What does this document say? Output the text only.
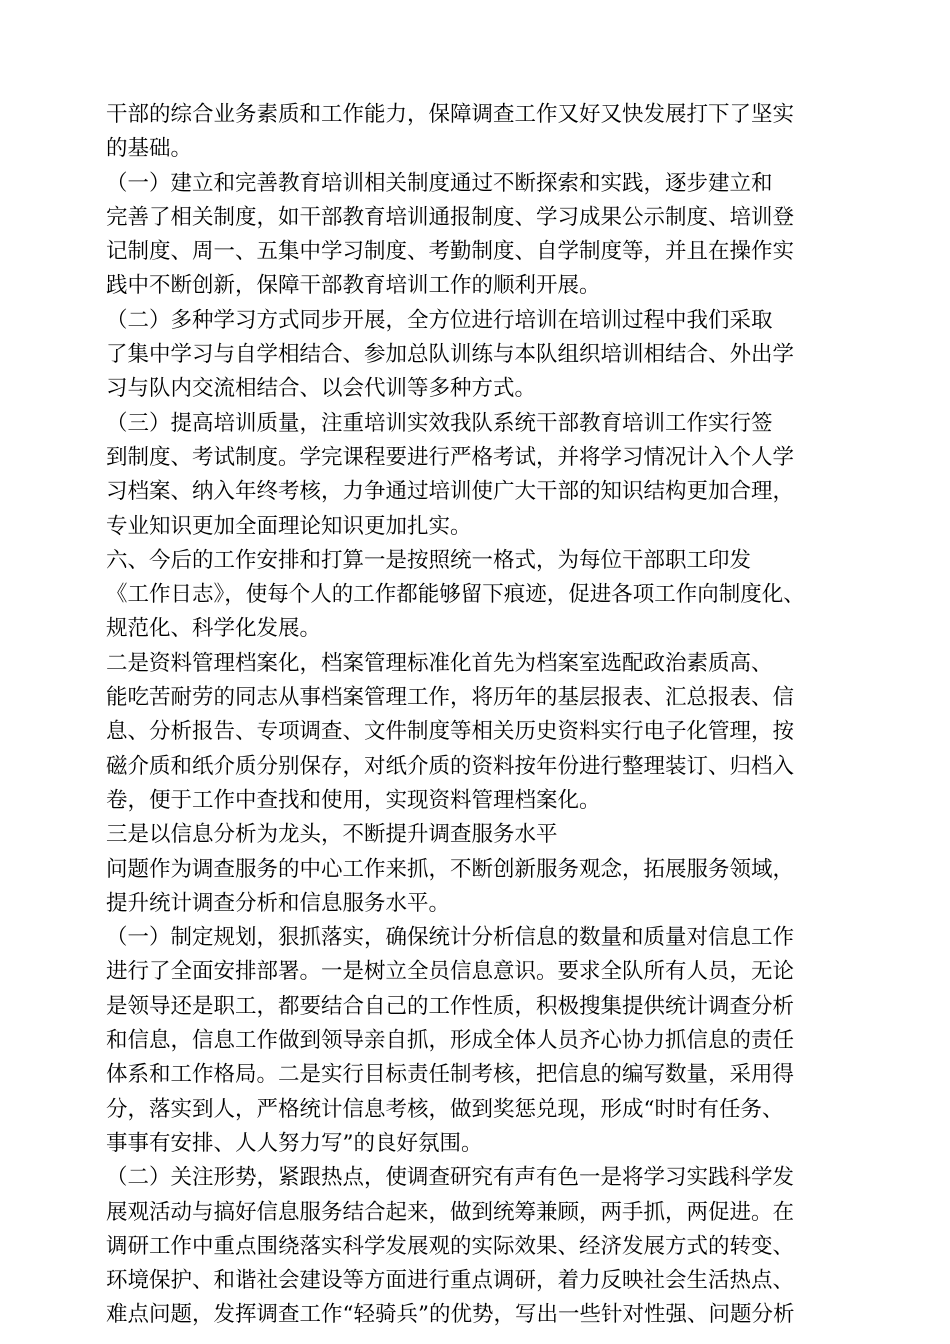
干部的综合业务素质和工作能力，保障调查工作又好又快发展打下了坚实
的基础。
（一）建立和完善教育培训相关制度通过不断探索和实践，逐步建立和
完善了相关制度，如干部教育培训通报制度、学习成果公示制度、培训登
记制度、周一、五集中学习制度、考勤制度、自学制度等，并且在操作实
践中不断创新，保障干部教育培训工作的顺利开展。
（二）多种学习方式同步开展，全方位进行培训在培训过程中我们采取
了集中学习与自学相结合、参加总队训练与本队组织培训相结合、外出学
习与队内交流相结合、以会代训等多种方式。
（三）提高培训质量，注重培训实效我队系统干部教育培训工作实行签
到制度、考试制度。学完课程要进行严格考试，并将学习情况计入个人学
习档案、纳入年终考核，力争通过培训使广大干部的知识结构更加合理，
专业知识更加全面理论知识更加扎实。
六、今后的工作安排和打算一是按照统一格式，为每位干部职工印发
《工作日志》，使每个人的工作都能够留下痕迹，促进各项工作向制度化、
规范化、科学化发展。
二是资料管理档案化，档案管理标准化首先为档案室选配政治素质高、
能吃苦耐劳的同志从事档案管理工作，将历年的基层报表、汇总报表、信
息、分析报告、专项调查、文件制度等相关历史资料实行电子化管理，按
磁介质和纸介质分别保存，对纸介质的资料按年份进行整理装订、归档入
卷，便于工作中查找和使用，实现资料管理档案化。
三是以信息分析为龙头，不断提升调查服务水平
问题作为调查服务的中心工作来抓，不断创新服务观念，拓展服务领域，
提升统计调查分析和信息服务水平。
（一）制定规划，狠抓落实，确保统计分析信息的数量和质量对信息工作
进行了全面安排部署。一是树立全员信息意识。要求全队所有人员，无论
是领导还是职工，都要结合自己的工作性质，积极搜集提供统计调查分析
和信息，信息工作做到领导亲自抓，形成全体人员齐心协力抓信息的责任
体系和工作格局。二是实行目标责任制考核，把信息的编写数量，采用得
分，落实到人，严格统计信息考核，做到奖惩兑现，形成“时时有任务、
事事有安排、人人努力写”的良好氛围。
（二）关注形势，紧跟热点，使调查研究有声有色一是将学习实践科学发
展观活动与搞好信息服务结合起来，做到统筹兼顾，两手抓，两促进。在
调研工作中重点围绕落实科学发展观的实际效果、经济发展方式的转变、
环境保护、和谐社会建设等方面进行重点调研，着力反映社会生活热点、
难点问题，发挥调查工作“轻骑兵”的优势，写出一些针对性强、问题分析
